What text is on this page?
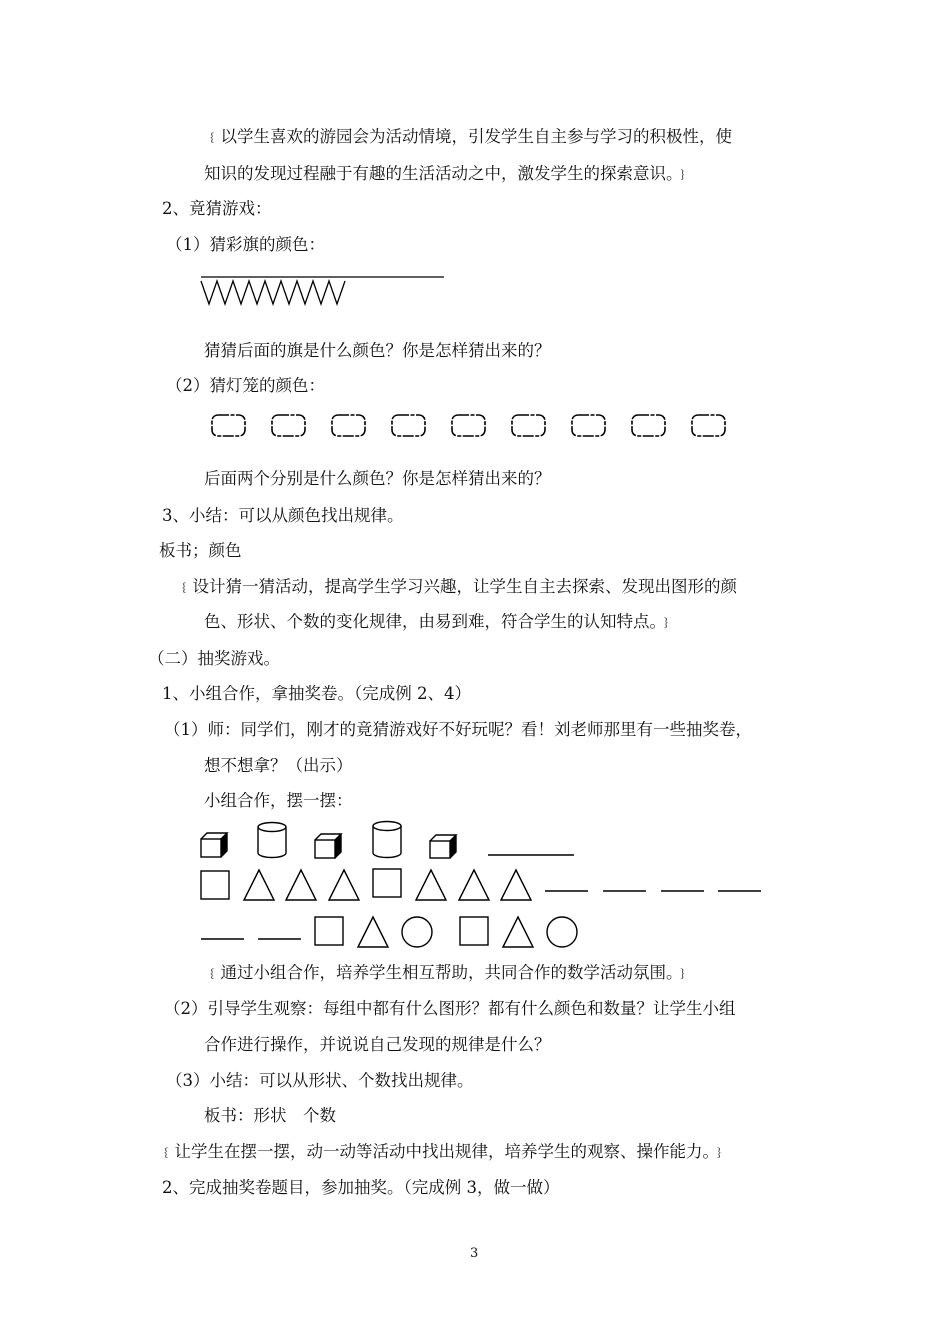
﹛以学生喜欢的游园会为活动情境，引发学生自主参与学习的积极性，使
知识的发现过程融于有趣的生活活动之中，激发学生的探索意识。﹜
2、竟猜游戏：
（1）猜彩旗的颜色：
猜猜后面的旗是什么颜色？你是怎样猜出来的？
（2）猜灯笼的颜色：
后面两个分别是什么颜色？你是怎样猜出来的？
3、小结：可以从颜色找出规律。
板书；颜色
﹛设计猜一猜活动，提高学生学习兴趣，让学生自主去探索、发现出图形的颜
色、形状、个数的变化规律，由易到难，符合学生的认知特点。﹜
（二）抽奖游戏。
1、小组合作，拿抽奖卷。（完成例 2、4）
（1）师：同学们，刚才的竟猜游戏好不好玩呢？看！刘老师那里有一些抽奖卷，
想不想拿？（出示）
小组合作，摆一摆：
﹛通过小组合作，培养学生相互帮助，共同合作的数学活动氛围。﹜
（2）引导学生观察：每组中都有什么图形？都有什么颜色和数量？让学生小组
合作进行操作，并说说自己发现的规律是什么？
（3）小结：可以从形状、个数找出规律。
板书：形状　个数
﹛让学生在摆一摆，动一动等活动中找出规律，培养学生的观察、操作能力。﹜
2、完成抽奖卷题目，参加抽奖。（完成例 3，做一做）
3
